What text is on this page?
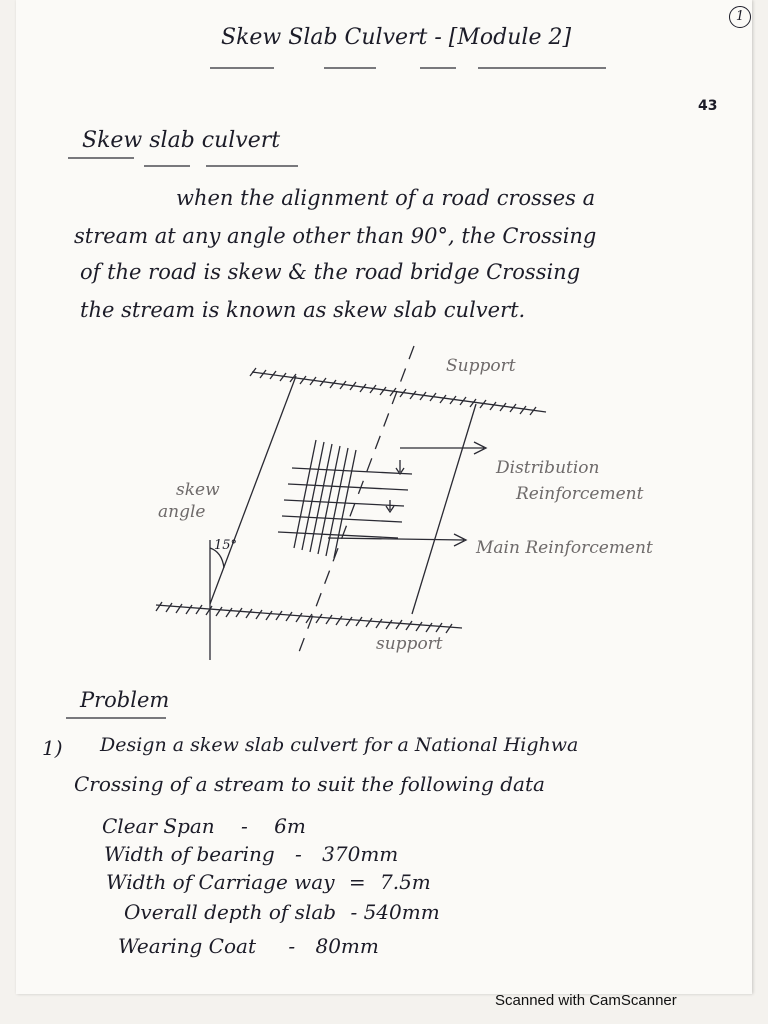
Skew Slab Culvert - [Module 2]
1
43
Skew slab culvert
when the alignment of a road crosses a
stream at any angle other than 90°, the Crossing
of the road is skew & the road bridge Crossing
the stream is known as skew slab culvert.
Support
support
skew
angle
15°
Distribution
Reinforcement
Main Reinforcement
Problem
1) Design a skew slab culvert for a National Highwa
Crossing of a stream to suit the following data
Clear Span - 6m
Width of bearing - 370mm
Width of Carriage way = 7.5m
Overall depth of slab - 540mm
Wearing Coat - 80mm
Scanned with CamScanner
